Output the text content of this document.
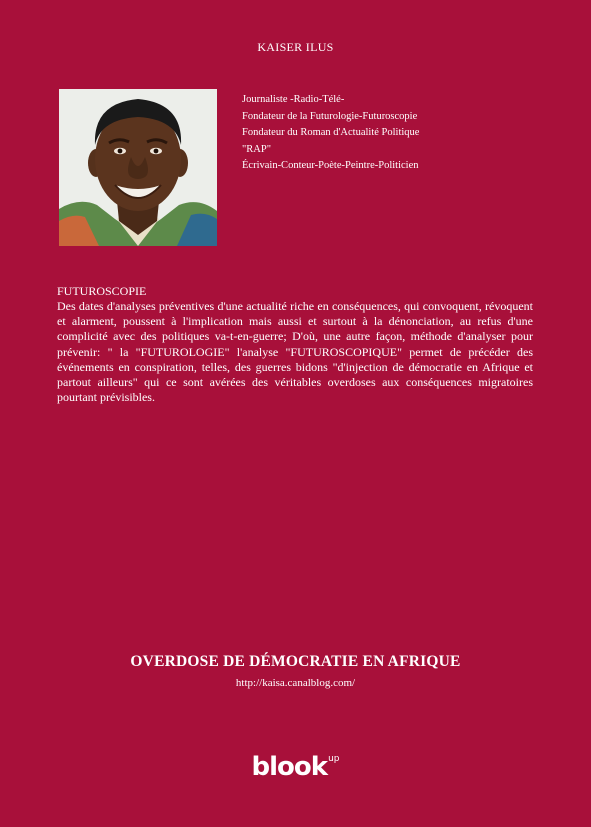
KAISER ILUS
Journaliste -Radio-Télé-
Fondateur de la Futurologie-Futuroscopie
Fondateur du Roman d'Actualité Politique
"RAP"
Écrivain-Conteur-Poète-Peintre-Politicien
FUTUROSCOPIE
Des dates d'analyses préventives d'une actualité riche en conséquences, qui convoquent, révoquent et alarment, poussent à l'implication mais aussi et surtout à la dénonciation, au refus d'une complicité avec des politiques va-t-en-guerre; D'où, une autre façon, méthode d'analyser pour prévenir: " la "FUTUROLOGIE" l'analyse "FUTUROSCOPIQUE" permet de précéder des événements en conspiration, telles, des guerres bidons "d'injection de démocratie en Afrique et partout ailleurs" qui ce sont avérées des véritables overdoses aux conséquences migratoires pourtant prévisibles.
OVERDOSE DE DÉMOCRATIE EN AFRIQUE
http://kaisa.canalblog.com/
blook$^{up}$
